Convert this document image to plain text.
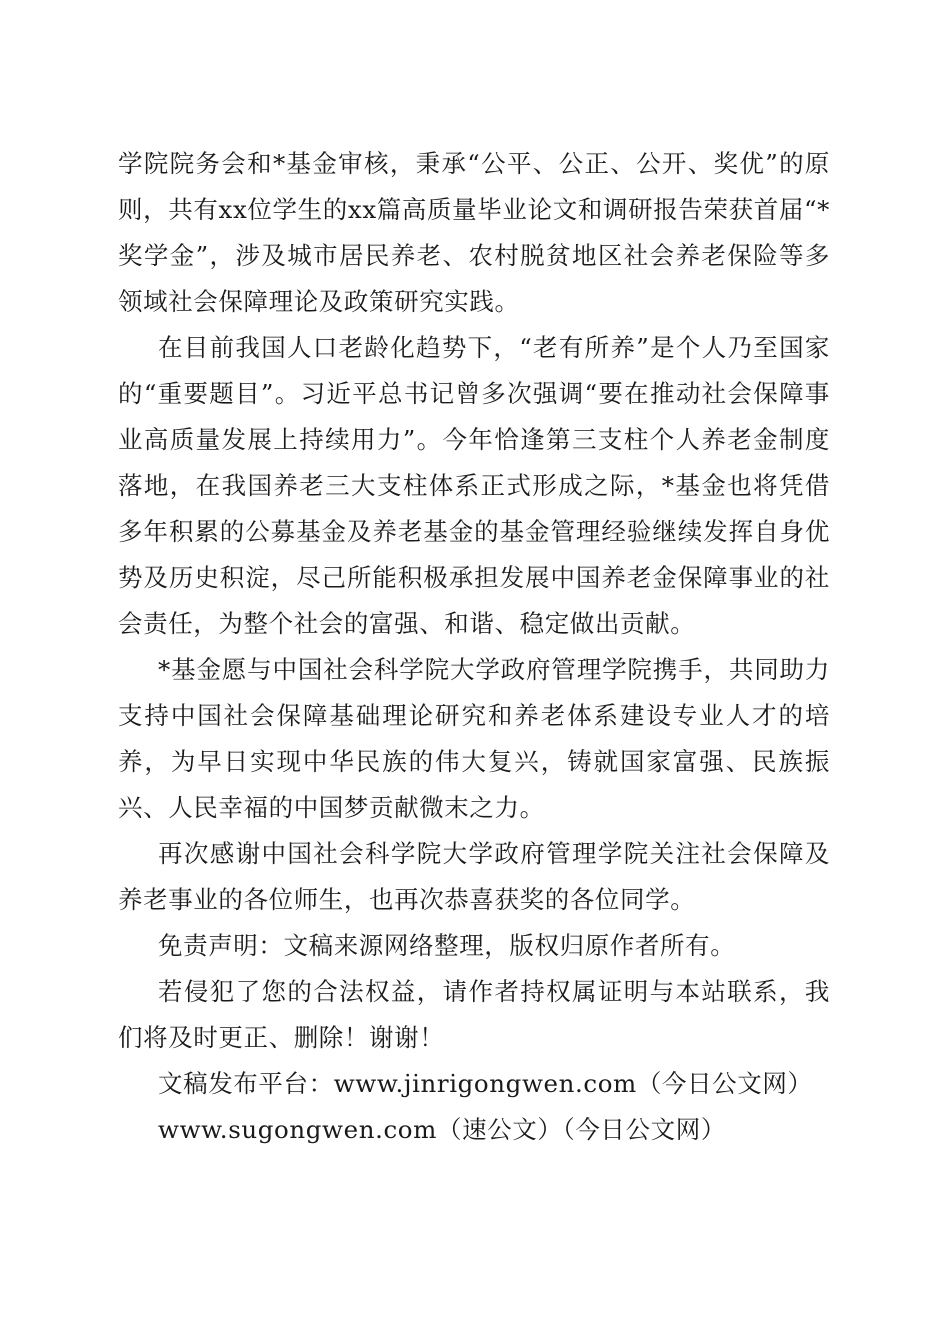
学院院务会和*基金审核，秉承“公平、公正、公开、奖优”的原则，共有xx位学生的xx篇高质量毕业论文和调研报告荣获首届“*奖学金”，涉及城市居民养老、农村脱贫地区社会养老保险等多领域社会保障理论及政策研究实践。

在目前我国人口老龄化趋势下，“老有所养”是个人乃至国家的“重要题目”。习近平总书记曾多次强调“要在推动社会保障事业高质量发展上持续用力”。今年恰逢第三支柱个人养老金制度落地，在我国养老三大支柱体系正式形成之际，*基金也将凭借多年积累的公募基金及养老基金的基金管理经验继续发挥自身优势及历史积淀，尽己所能积极承担发展中国养老金保障事业的社会责任，为整个社会的富强、和谐、稳定做出贡献。

*基金愿与中国社会科学院大学政府管理学院携手，共同助力支持中国社会保障基础理论研究和养老体系建设专业人才的培养，为早日实现中华民族的伟大复兴，铸就国家富强、民族振兴、人民幸福的中国梦贡献微末之力。

再次感谢中国社会科学院大学政府管理学院关注社会保障及养老事业的各位师生，也再次恭喜获奖的各位同学。

免责声明：文稿来源网络整理，版权归原作者所有。

若侵犯了您的合法权益，请作者持权属证明与本站联系，我们将及时更正、删除！谢谢！

文稿发布平台：www.jinrigongwen.com（今日公文网）

www.sugongwen.com（速公文）（今日公文网）
